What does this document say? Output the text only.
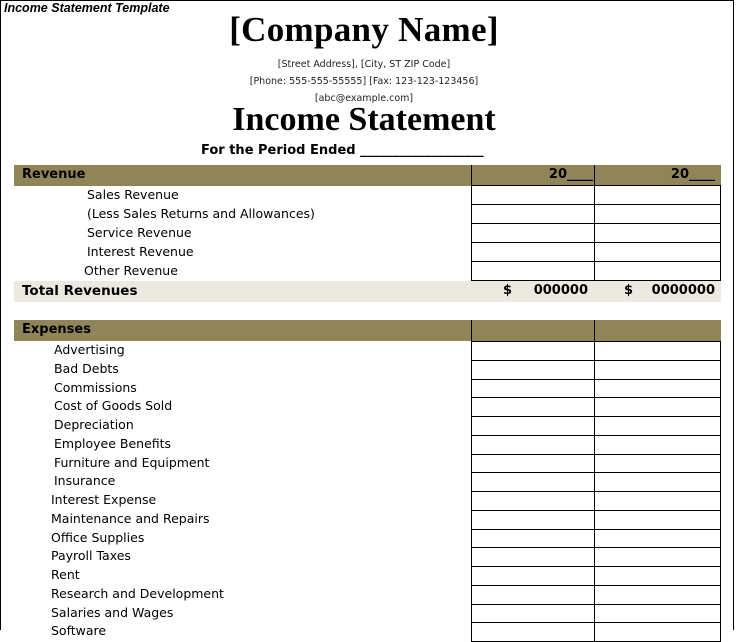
Income Statement Template
[Company Name]
[Street Address], [City, ST ZIP Code]
[Phone: 555-555-55555] [Fax: 123-123-123456]
[abc@example.com]
Income Statement
For the Period Ended ___________________
Revenue	20____	20____
Sales Revenue
(Less Sales Returns and Allowances)
Service Revenue
Interest Revenue
Other Revenue
Total Revenues	$ 000000	$ 0000000
Expenses
Advertising
Bad Debts
Commissions
Cost of Goods Sold
Depreciation
Employee Benefits
Furniture and Equipment
Insurance
Interest Expense
Maintenance and Repairs
Office Supplies
Payroll Taxes
Rent
Research and Development
Salaries and Wages
Software
